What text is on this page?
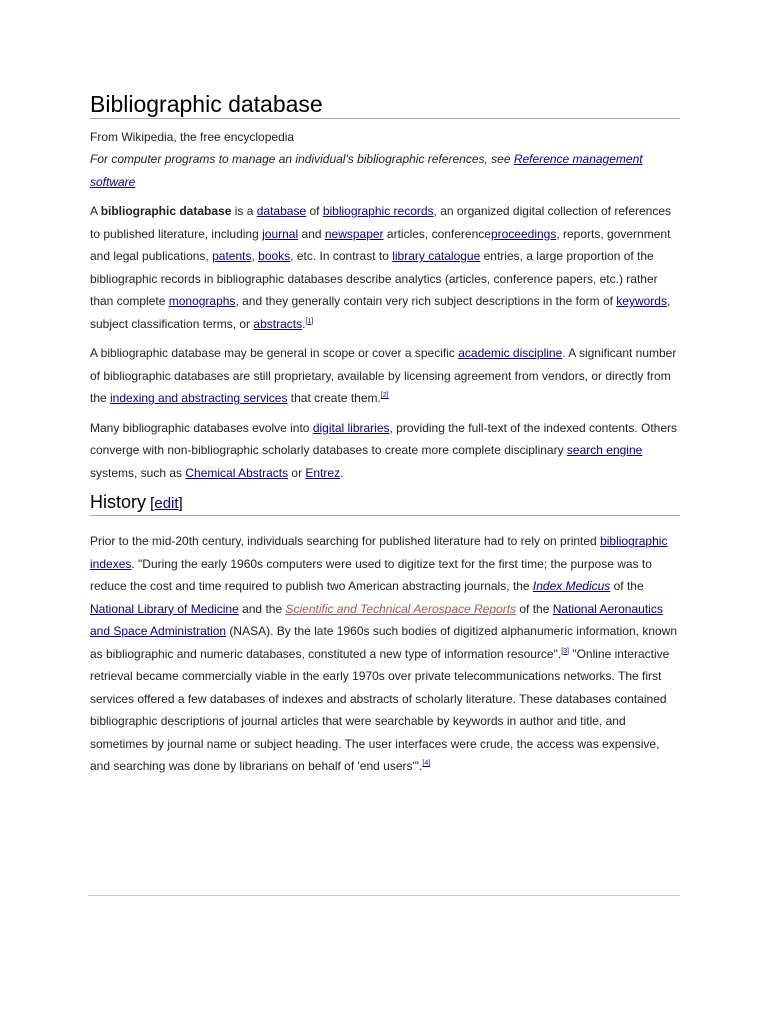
Bibliographic database
From Wikipedia, the free encyclopedia
For computer programs to manage an individual's bibliographic references, see Reference management software

A bibliographic database is a database of bibliographic records, an organized digital collection of references to published literature, including journal and newspaper articles, conferenceproceedings, reports, government and legal publications, patents, books, etc. In contrast to library catalogue entries, a large proportion of the bibliographic records in bibliographic databases describe analytics (articles, conference papers, etc.) rather than complete monographs, and they generally contain very rich subject descriptions in the form of keywords, subject classification terms, or abstracts.[1]

A bibliographic database may be general in scope or cover a specific academic discipline. A significant number of bibliographic databases are still proprietary, available by licensing agreement from vendors, or directly from the indexing and abstracting services that create them.[2]

Many bibliographic databases evolve into digital libraries, providing the full-text of the indexed contents. Others converge with non-bibliographic scholarly databases to create more complete disciplinary search engine systems, such as Chemical Abstracts or Entrez.

History [edit]

Prior to the mid-20th century, individuals searching for published literature had to rely on printed bibliographic indexes. "During the early 1960s computers were used to digitize text for the first time; the purpose was to reduce the cost and time required to publish two American abstracting journals, the Index Medicus of the National Library of Medicine and the Scientific and Technical Aerospace Reports of the National Aeronautics and Space Administration (NASA). By the late 1960s such bodies of digitized alphanumeric information, known as bibliographic and numeric databases, constituted a new type of information resource".[3] "Online interactive retrieval became commercially viable in the early 1970s over private telecommunications networks. The first services offered a few databases of indexes and abstracts of scholarly literature. These databases contained bibliographic descriptions of journal articles that were searchable by keywords in author and title, and sometimes by journal name or subject heading. The user interfaces were crude, the access was expensive, and searching was done by librarians on behalf of 'end users'".[4]
